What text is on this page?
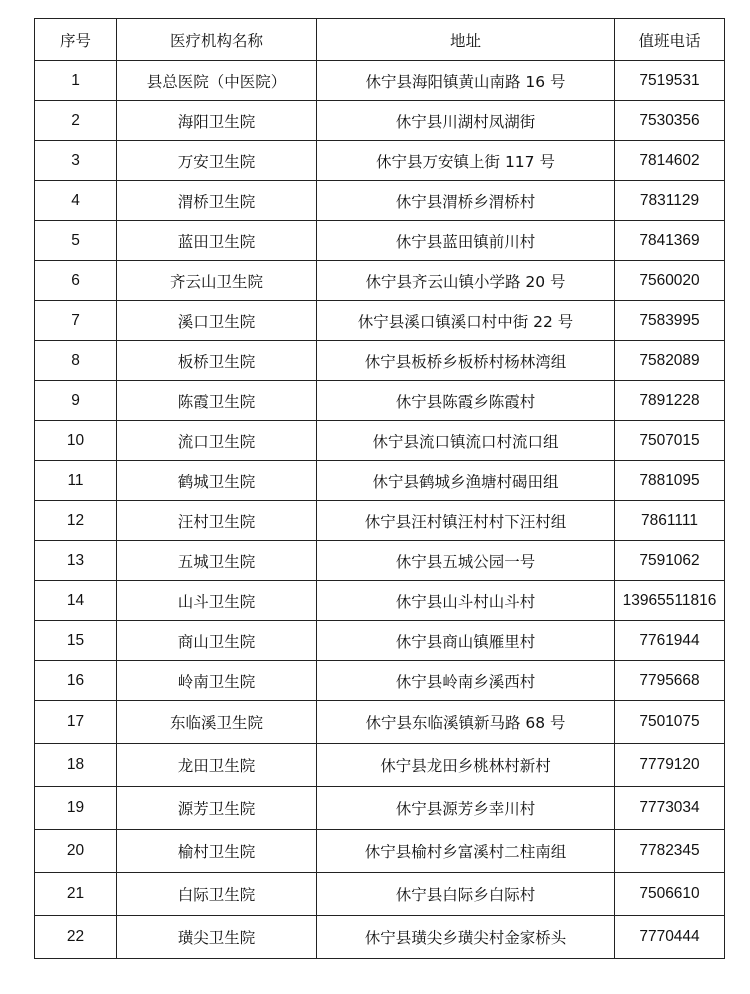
序号	医疗机构名称	地址	值班电话
1	县总医院（中医院）	休宁县海阳镇黄山南路 16 号	7519531
2	海阳卫生院	休宁县川湖村凤湖街	7530356
3	万安卫生院	休宁县万安镇上街 117 号	7814602
4	渭桥卫生院	休宁县渭桥乡渭桥村	7831129
5	蓝田卫生院	休宁县蓝田镇前川村	7841369
6	齐云山卫生院	休宁县齐云山镇小学路 20 号	7560020
7	溪口卫生院	休宁县溪口镇溪口村中街 22 号	7583995
8	板桥卫生院	休宁县板桥乡板桥村杨林湾组	7582089
9	陈霞卫生院	休宁县陈霞乡陈霞村	7891228
10	流口卫生院	休宁县流口镇流口村流口组	7507015
11	鹤城卫生院	休宁县鹤城乡渔塘村碣田组	7881095
12	汪村卫生院	休宁县汪村镇汪村村下汪村组	7861111
13	五城卫生院	休宁县五城公园一号	7591062
14	山斗卫生院	休宁县山斗村山斗村	13965511816
15	商山卫生院	休宁县商山镇雁里村	7761944
16	岭南卫生院	休宁县岭南乡溪西村	7795668
17	东临溪卫生院	休宁县东临溪镇新马路 68 号	7501075
18	龙田卫生院	休宁县龙田乡桃林村新村	7779120
19	源芳卫生院	休宁县源芳乡幸川村	7773034
20	榆村卫生院	休宁县榆村乡富溪村二柱南组	7782345
21	白际卫生院	休宁县白际乡白际村	7506610
22	璜尖卫生院	休宁县璜尖乡璜尖村金家桥头	7770444
